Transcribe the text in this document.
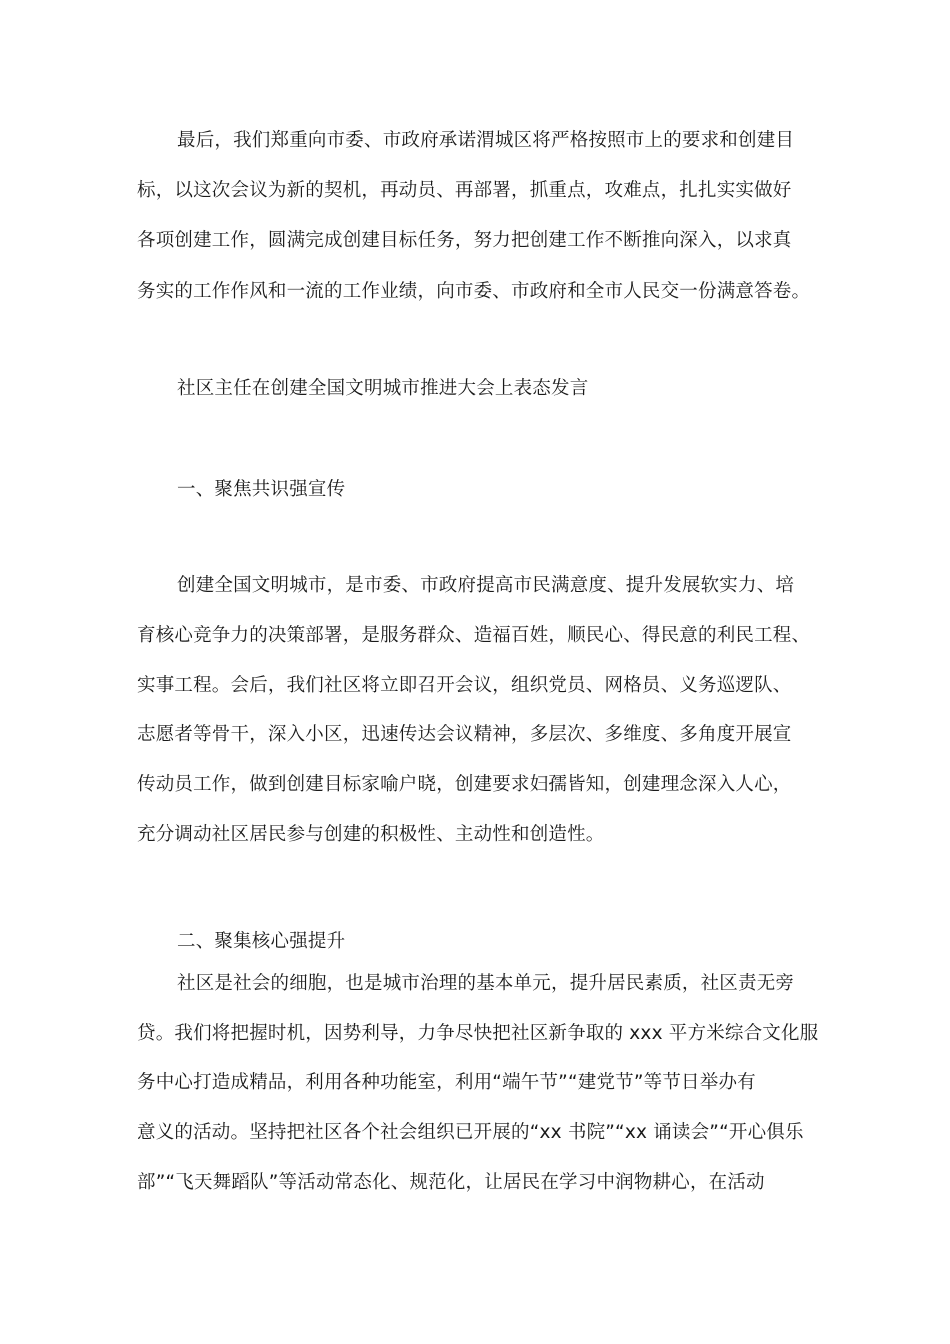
最后，我们郑重向市委、市政府承诺渭城区将严格按照市上的要求和创建目
标，以这次会议为新的契机，再动员、再部署，抓重点，攻难点，扎扎实实做好
各项创建工作，圆满完成创建目标任务，努力把创建工作不断推向深入，以求真
务实的工作作风和一流的工作业绩，向市委、市政府和全市人民交一份满意答卷。
社区主任在创建全国文明城市推进大会上表态发言
一、聚焦共识强宣传
创建全国文明城市，是市委、市政府提高市民满意度、提升发展软实力、培
育核心竞争力的决策部署，是服务群众、造福百姓，顺民心、得民意的利民工程、
实事工程。会后，我们社区将立即召开会议，组织党员、网格员、义务巡逻队、
志愿者等骨干，深入小区，迅速传达会议精神，多层次、多维度、多角度开展宣
传动员工作，做到创建目标家喻户晓，创建要求妇孺皆知，创建理念深入人心，
充分调动社区居民参与创建的积极性、主动性和创造性。
二、聚集核心强提升
社区是社会的细胞，也是城市治理的基本单元，提升居民素质，社区责无旁
贷。我们将把握时机，因势利导，力争尽快把社区新争取的 xxx 平方米综合文化服
务中心打造成精品，利用各种功能室，利用“端午节”“建党节”等节日举办有
意义的活动。坚持把社区各个社会组织已开展的“xx 书院”“xx 诵读会”“开心俱乐
部”“飞天舞蹈队”等活动常态化、规范化，让居民在学习中润物耕心，在活动
